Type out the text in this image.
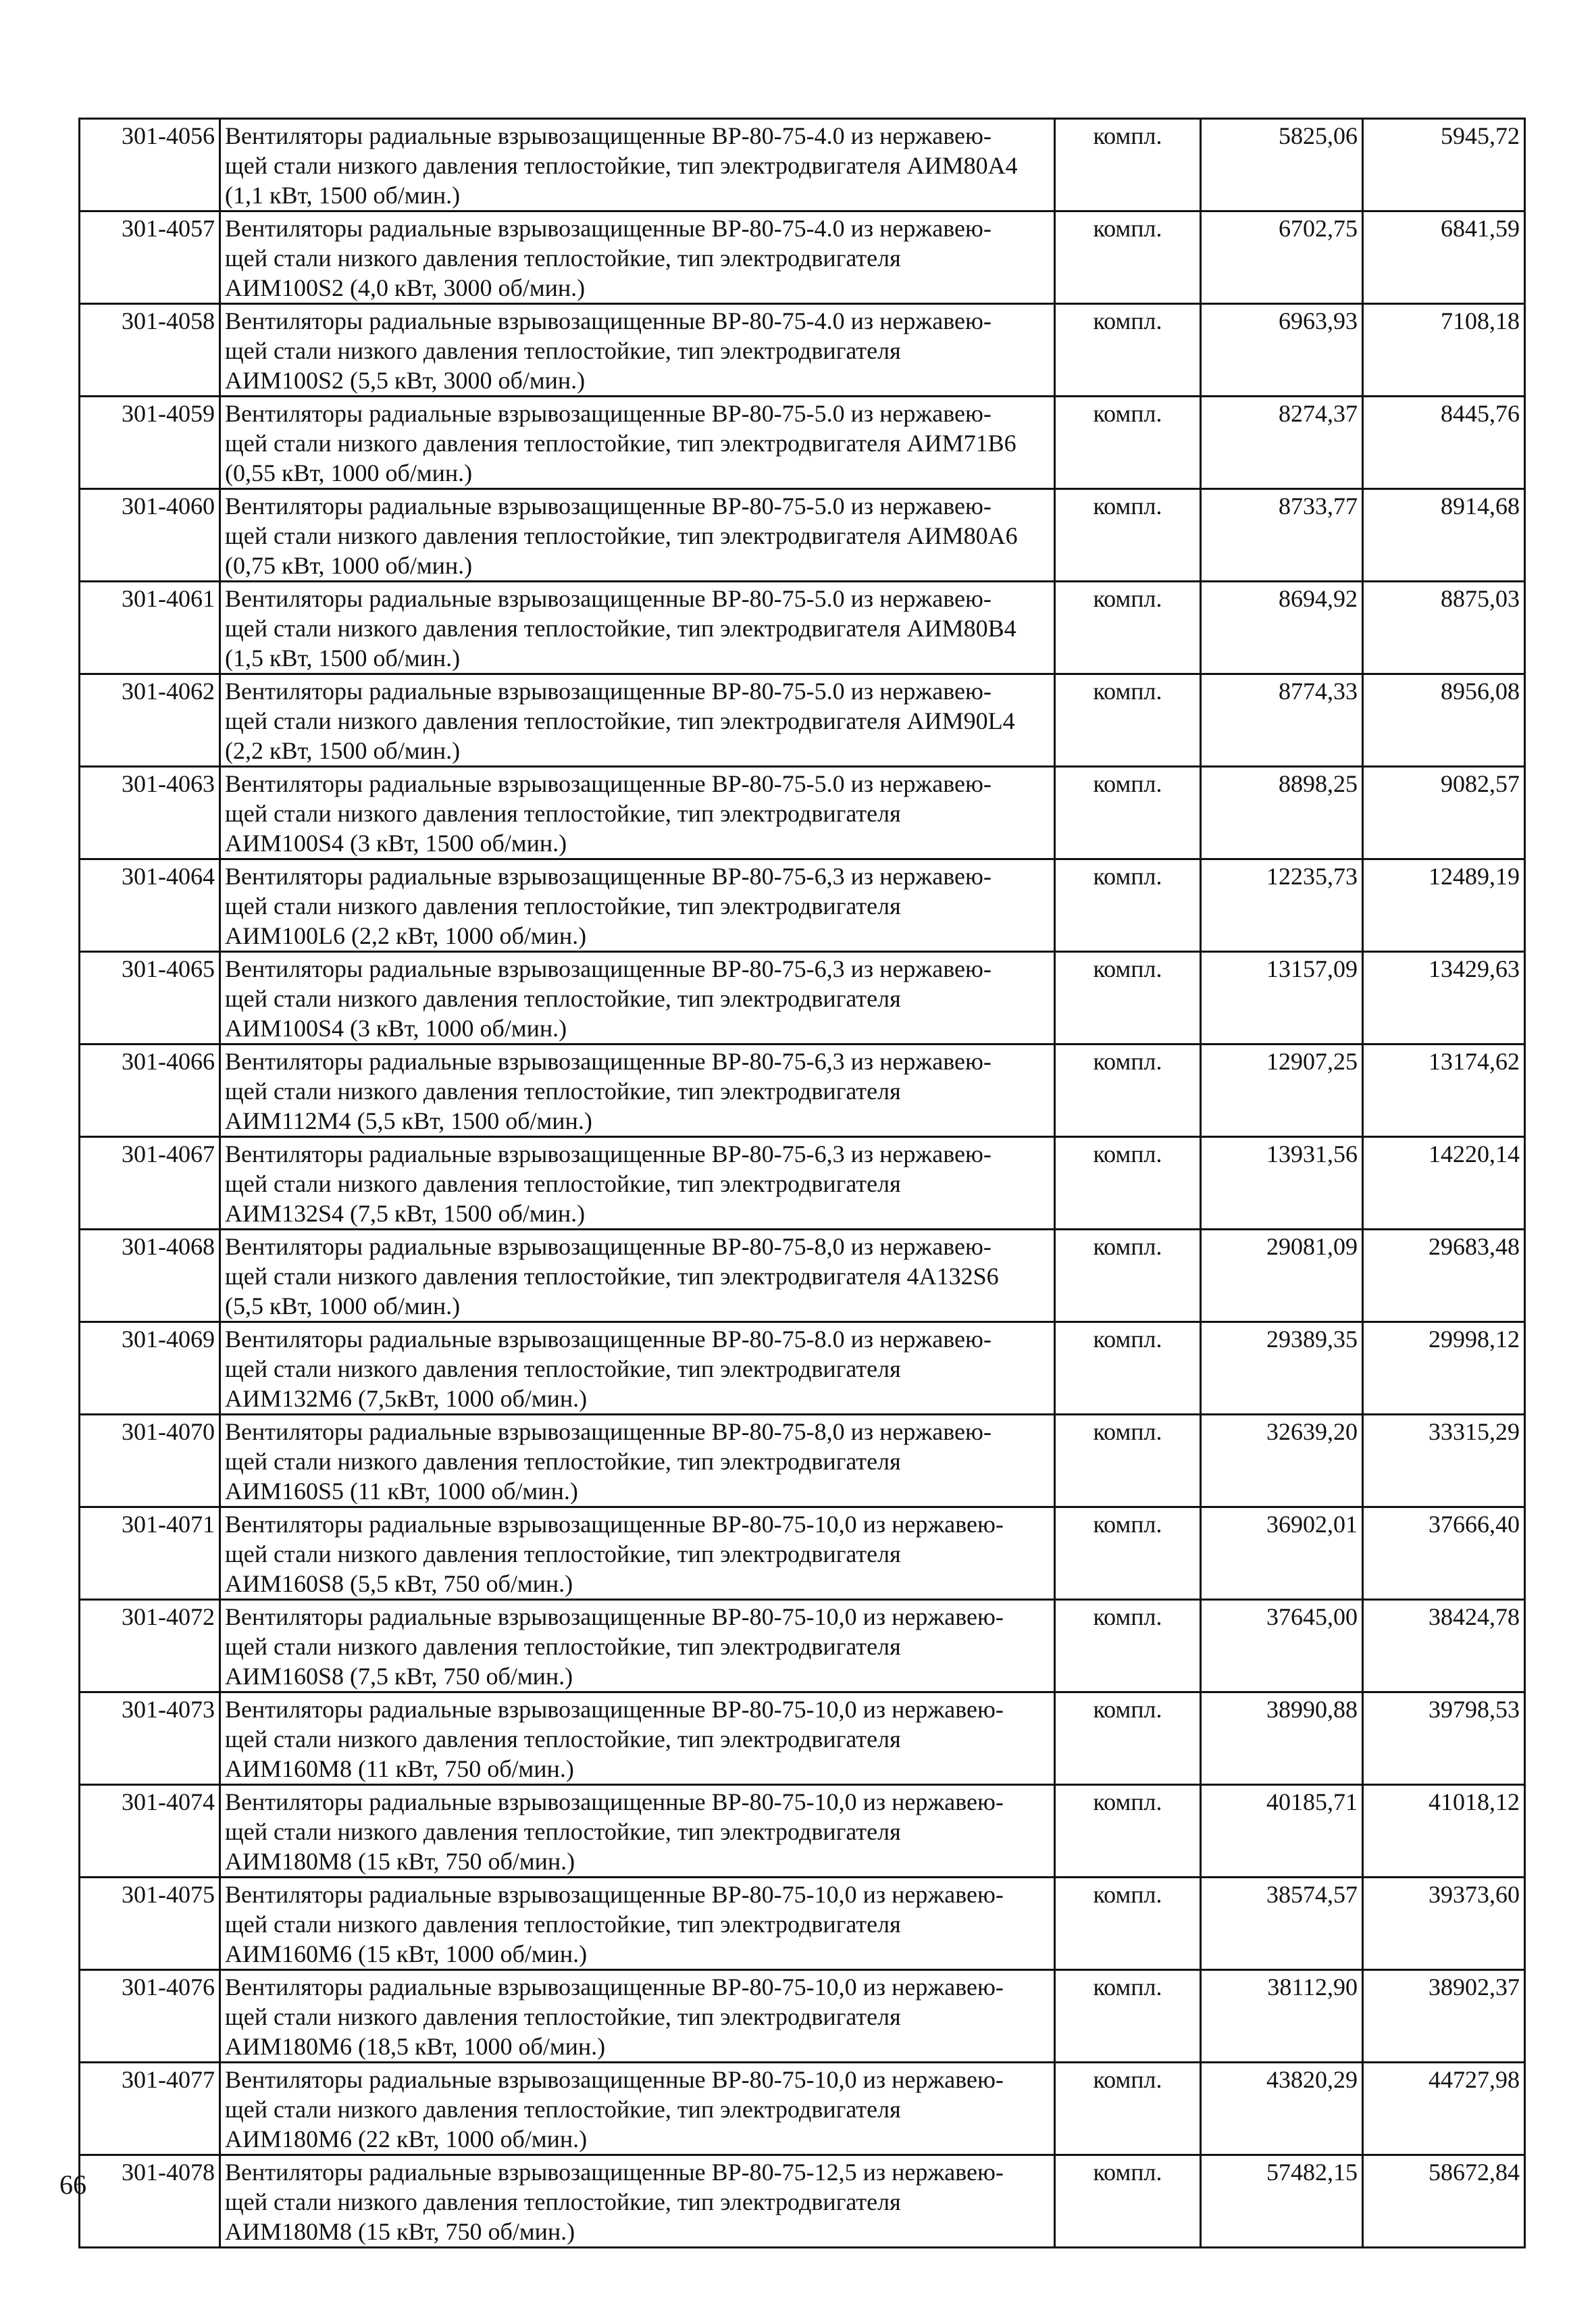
301-4056	Вентиляторы радиальные взрывозащищенные ВР-80-75-4.0 из нержавею-
щей стали низкого давления теплостойкие, тип электродвигателя АИМ80А4
(1,1 кВт, 1500 об/мин.)	компл.	5825,06	5945,72
301-4057	Вентиляторы радиальные взрывозащищенные ВР-80-75-4.0 из нержавею-
щей стали низкого давления теплостойкие, тип электродвигателя
АИМ100S2 (4,0 кВт, 3000 об/мин.)	компл.	6702,75	6841,59
301-4058	Вентиляторы радиальные взрывозащищенные ВР-80-75-4.0 из нержавею-
щей стали низкого давления теплостойкие, тип электродвигателя
АИМ100S2 (5,5 кВт, 3000 об/мин.)	компл.	6963,93	7108,18
301-4059	Вентиляторы радиальные взрывозащищенные ВР-80-75-5.0 из нержавею-
щей стали низкого давления теплостойкие, тип электродвигателя АИМ71В6
(0,55 кВт, 1000 об/мин.)	компл.	8274,37	8445,76
301-4060	Вентиляторы радиальные взрывозащищенные ВР-80-75-5.0 из нержавею-
щей стали низкого давления теплостойкие, тип электродвигателя АИМ80А6
(0,75 кВт, 1000 об/мин.)	компл.	8733,77	8914,68
301-4061	Вентиляторы радиальные взрывозащищенные ВР-80-75-5.0 из нержавею-
щей стали низкого давления теплостойкие, тип электродвигателя АИМ80В4
(1,5 кВт, 1500 об/мин.)	компл.	8694,92	8875,03
301-4062	Вентиляторы радиальные взрывозащищенные ВР-80-75-5.0 из нержавею-
щей стали низкого давления теплостойкие, тип электродвигателя АИМ90L4
(2,2 кВт, 1500 об/мин.)	компл.	8774,33	8956,08
301-4063	Вентиляторы радиальные взрывозащищенные ВР-80-75-5.0 из нержавею-
щей стали низкого давления теплостойкие, тип электродвигателя
АИМ100S4 (3 кВт, 1500 об/мин.)	компл.	8898,25	9082,57
301-4064	Вентиляторы радиальные взрывозащищенные ВР-80-75-6,3 из нержавею-
щей стали низкого давления теплостойкие, тип электродвигателя
АИМ100L6 (2,2 кВт, 1000 об/мин.)	компл.	12235,73	12489,19
301-4065	Вентиляторы радиальные взрывозащищенные ВР-80-75-6,3 из нержавею-
щей стали низкого давления теплостойкие, тип электродвигателя
АИМ100S4 (3 кВт, 1000 об/мин.)	компл.	13157,09	13429,63
301-4066	Вентиляторы радиальные взрывозащищенные ВР-80-75-6,3 из нержавею-
щей стали низкого давления теплостойкие, тип электродвигателя
АИМ112М4 (5,5 кВт, 1500 об/мин.)	компл.	12907,25	13174,62
301-4067	Вентиляторы радиальные взрывозащищенные ВР-80-75-6,3 из нержавею-
щей стали низкого давления теплостойкие, тип электродвигателя
АИМ132S4 (7,5 кВт, 1500 об/мин.)	компл.	13931,56	14220,14
301-4068	Вентиляторы радиальные взрывозащищенные ВР-80-75-8,0 из нержавею-
щей стали низкого давления теплостойкие, тип электродвигателя 4А132S6
(5,5 кВт, 1000 об/мин.)	компл.	29081,09	29683,48
301-4069	Вентиляторы радиальные взрывозащищенные ВР-80-75-8.0 из нержавею-
щей стали низкого давления теплостойкие, тип электродвигателя
АИМ132М6 (7,5кВт, 1000 об/мин.)	компл.	29389,35	29998,12
301-4070	Вентиляторы радиальные взрывозащищенные ВР-80-75-8,0 из нержавею-
щей стали низкого давления теплостойкие, тип электродвигателя
АИМ160S5 (11 кВт, 1000 об/мин.)	компл.	32639,20	33315,29
301-4071	Вентиляторы радиальные взрывозащищенные ВР-80-75-10,0 из нержавею-
щей стали низкого давления теплостойкие, тип электродвигателя
АИМ160S8 (5,5 кВт, 750 об/мин.)	компл.	36902,01	37666,40
301-4072	Вентиляторы радиальные взрывозащищенные ВР-80-75-10,0 из нержавею-
щей стали низкого давления теплостойкие, тип электродвигателя
АИМ160S8 (7,5 кВт, 750 об/мин.)	компл.	37645,00	38424,78
301-4073	Вентиляторы радиальные взрывозащищенные ВР-80-75-10,0 из нержавею-
щей стали низкого давления теплостойкие, тип электродвигателя
АИМ160М8 (11 кВт, 750 об/мин.)	компл.	38990,88	39798,53
301-4074	Вентиляторы радиальные взрывозащищенные ВР-80-75-10,0 из нержавею-
щей стали низкого давления теплостойкие, тип электродвигателя
АИМ180М8 (15 кВт, 750 об/мин.)	компл.	40185,71	41018,12
301-4075	Вентиляторы радиальные взрывозащищенные ВР-80-75-10,0 из нержавею-
щей стали низкого давления теплостойкие, тип электродвигателя
АИМ160М6 (15 кВт, 1000 об/мин.)	компл.	38574,57	39373,60
301-4076	Вентиляторы радиальные взрывозащищенные ВР-80-75-10,0 из нержавею-
щей стали низкого давления теплостойкие, тип электродвигателя
АИМ180М6 (18,5 кВт, 1000 об/мин.)	компл.	38112,90	38902,37
301-4077	Вентиляторы радиальные взрывозащищенные ВР-80-75-10,0 из нержавею-
щей стали низкого давления теплостойкие, тип электродвигателя
АИМ180М6 (22 кВт, 1000 об/мин.)	компл.	43820,29	44727,98
301-4078	Вентиляторы радиальные взрывозащищенные ВР-80-75-12,5 из нержавею-
щей стали низкого давления теплостойкие, тип электродвигателя
АИМ180М8 (15 кВт, 750 об/мин.)	компл.	57482,15	58672,84
66
